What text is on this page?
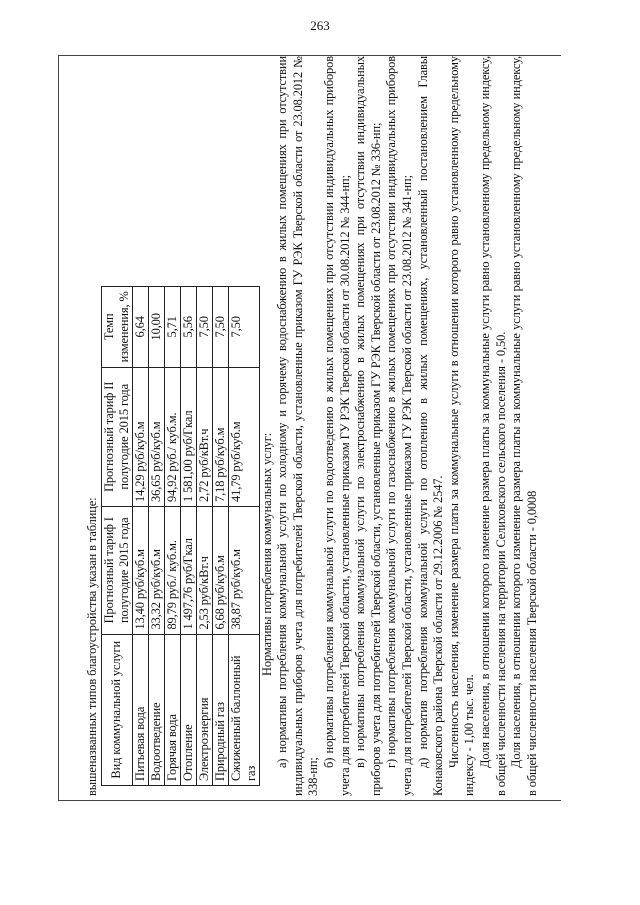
263
вышеназванных типов благоустройства указан в таблице: Вид коммунальной услуги	Прогнозный тариф I полугодие 2015 года	Прогнозный тариф II полугодие 2015 года	Темп изменения, %
Питьевая вода	13,40 руб/куб.м	14,29 руб/куб.м	6,64
Водоотведение	33,32 руб/куб.м	36,65 руб/куб.м	10,00
Горячая вода	89,79 руб./ куб.м.	94,92 руб./ куб.м.	5,71
Отопление	1 497,76 руб/Гкал	1 581,00 руб/Гкал	5,56
Электроэнергия	2,53 руб/кВт.ч	2,72 руб/кВт.ч	7,50
Природный газ	6,68 руб/куб.м	7,18 руб/куб.м	7,50
Сжиженный баллонный газ	38,87 руб/куб.м	41,79 руб/куб.м	7,50
Нормативы потребления коммунальных услуг: а) нормативы потребления коммунальной услуги по холодному и горячему водоснабжению в жилых помещениях при отсутствии индивидуальных приборов учета для потребителей Тверской области, установленные приказом ГУ РЭК Тверской области от 23.08.2012 № 338-нп;
б) нормативы потребления коммунальной услуги по водоотведению в жилых помещениях при отсутствии индивидуальных приборов учета для потребителей Тверской области, установленные приказом ГУ РЭК Тверской области от 30.08.2012 № 344-нп; в) нормативы потребления коммунальной услуги по электроснабжению в жилых помещениях при отсутствии индивидуальных приборов учета для потребителей Тверской области, установленные приказом ГУ РЭК Тверской области от 23.08.2012 № 336-нп; г) нормативы потребления коммунальной услуги по газоснабжению в жилых помещениях при отсутствии индивидуальных приборов учета для потребителей Тверской области, установленные приказом ГУ РЭК Тверской области от 23.08.2012 № 341-нп; д) норматив потребления коммунальной услуги по отоплению в жилых помещениях, установленный постановлением Главы Конаковского района Тверской области от 29.12.2006 № 2547. Численность населения, изменение размера платы за коммунальные услуги в отношении которого равно установленному предельному индексу - 1,00 тыс. чел. Доля населения, в отношении которого изменение размера платы за коммунальные услуги равно установленному предельному индексу, в общей численности населения на территории Селиховского сельского поселения - 0,50. Доля населения, в отношении которого изменение размера платы за коммунальные услуги равно установленному предельному индексу, в общей численности населения Тверской области - 0,0008
